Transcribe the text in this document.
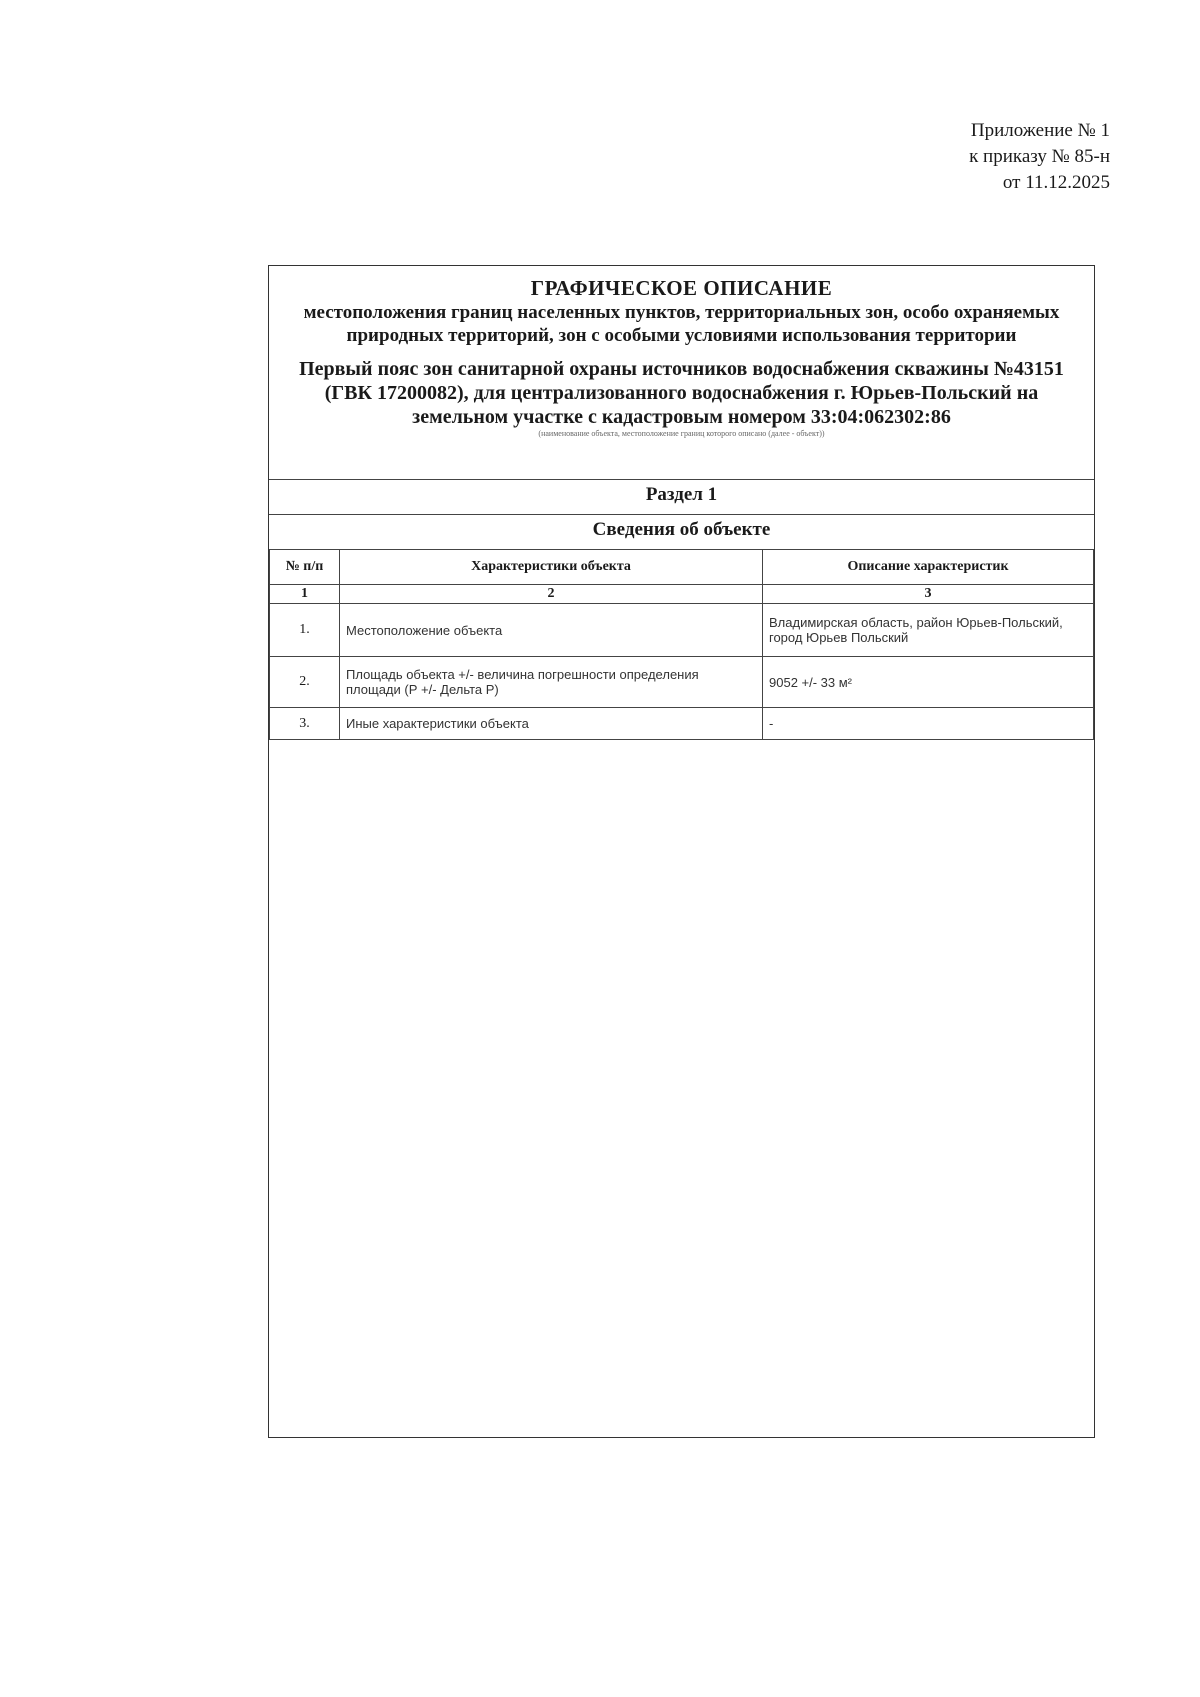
Приложение № 1
к приказу № 85-н
от 11.12.2025
ГРАФИЧЕСКОЕ ОПИСАНИЕ
местоположения границ населенных пунктов, территориальных зон, особо охраняемых природных территорий, зон с особыми условиями использования территории
Первый пояс зон санитарной охраны источников водоснабжения скважины №43151 (ГВК 17200082), для централизованного водоснабжения г. Юрьев-Польский на земельном участке с кадастровым номером 33:04:062302:86
(наименование объекта, местоположение границ которого описано (далее - объект))
Раздел 1
Сведения об объекте
№ п/п	Характеристики объекта	Описание характеристик
1	2	3
1.	Местоположение объекта	Владимирская область, район Юрьев-Польский, город Юрьев Польский
2.	Площадь объекта +/- величина погрешности определения площади (Р +/- Дельта Р)	9052 +/- 33 м²
3.	Иные характеристики объекта	-
